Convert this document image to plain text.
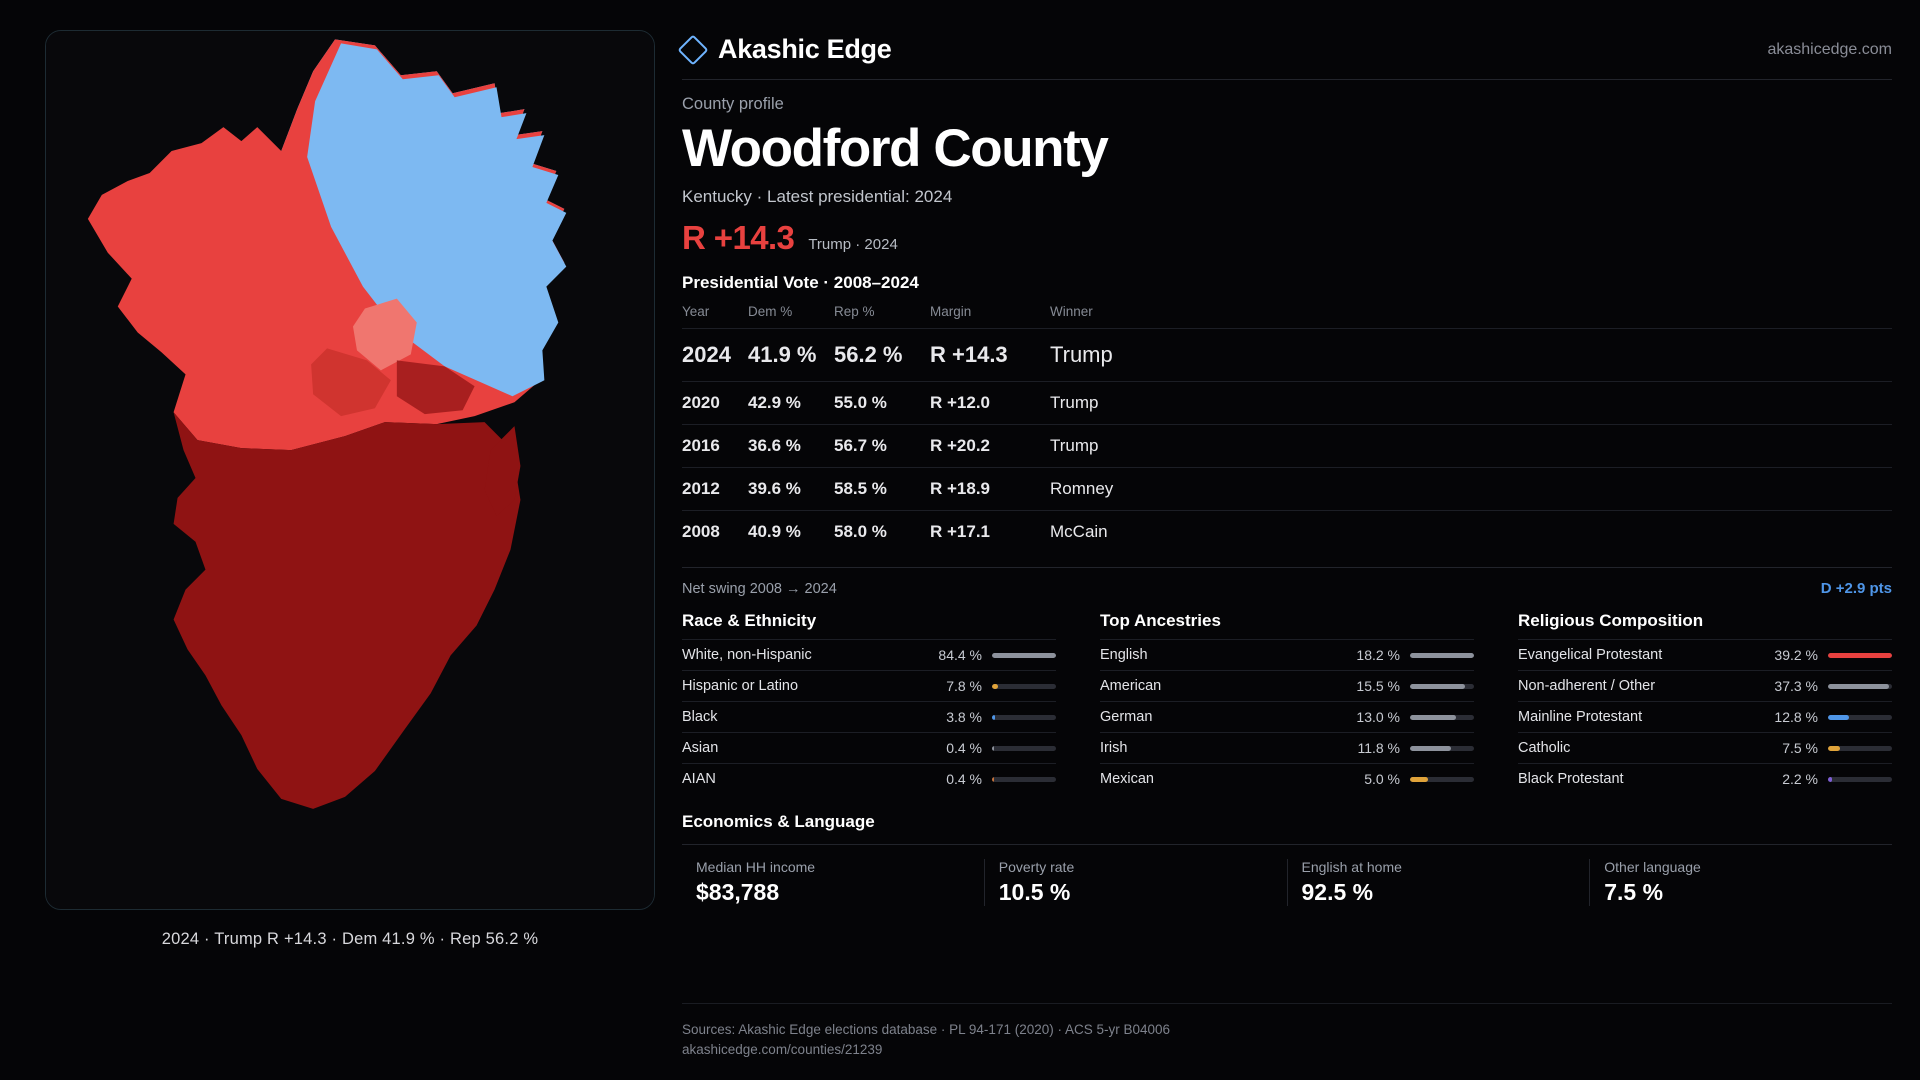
2024 · Trump R +14.3 · Dem 41.9 % · Rep 56.2 %
Akashic Edge	akashicedge.com
County profile
Woodford County
Kentucky · Latest presidential: 2024
R +14.3 Trump · 2024
Presidential Vote · 2008–2024
Year	Dem %	Rep %	Margin	Winner
2024	41.9 %	56.2 %	R +14.3	Trump
2020	42.9 %	55.0 %	R +12.0	Trump
2016	36.6 %	56.7 %	R +20.2	Trump
2012	39.6 %	58.5 %	R +18.9	Romney
2008	40.9 %	58.0 %	R +17.1	McCain
Net swing 2008 → 2024	D +2.9 pts
Race & Ethnicity
White, non-Hispanic	84.4 %
Hispanic or Latino	7.8 %
Black	3.8 %
Asian	0.4 %
AIAN	0.4 %
Top Ancestries
English	18.2 %
American	15.5 %
German	13.0 %
Irish	11.8 %
Mexican	5.0 %
Religious Composition
Evangelical Protestant	39.2 %
Non-adherent / Other	37.3 %
Mainline Protestant	12.8 %
Catholic	7.5 %
Black Protestant	2.2 %
Economics & Language
Median HH income
$83,788
Poverty rate
10.5 %
English at home
92.5 %
Other language
7.5 %
Sources: Akashic Edge elections database · PL 94-171 (2020) · ACS 5-yr B04006
akashicedge.com/counties/21239
